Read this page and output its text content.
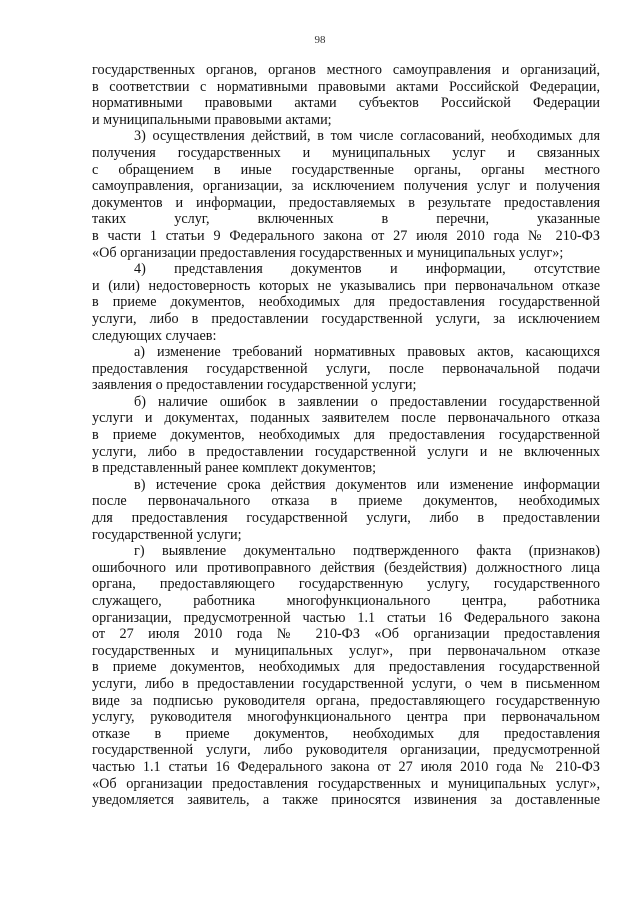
98
государственных органов, органов местного самоуправления и организаций,
в соответствии с нормативными правовыми актами Российской Федерации,
нормативными правовыми актами субъектов Российской Федерации
и муниципальными правовыми актами;
3) осуществления действий, в том числе согласований, необходимых для
получения государственных и муниципальных услуг и связанных
с обращением в иные государственные органы, органы местного
самоуправления, организации, за исключением получения услуг и получения
документов и информации, предоставляемых в результате предоставления
таких услуг, включенных в перечни, указанные
в части 1 статьи 9 Федерального закона от 27 июля 2010 года № 210-ФЗ
«Об организации предоставления государственных и муниципальных услуг»;
4) представления документов и информации, отсутствие
и (или) недостоверность которых не указывались при первоначальном отказе
в приеме документов, необходимых для предоставления государственной
услуги, либо в предоставлении государственной услуги, за исключением
следующих случаев:
а) изменение требований нормативных правовых актов, касающихся
предоставления государственной услуги, после первоначальной подачи
заявления о предоставлении государственной услуги;
б) наличие ошибок в заявлении о предоставлении государственной
услуги и документах, поданных заявителем после первоначального отказа
в приеме документов, необходимых для предоставления государственной
услуги, либо в предоставлении государственной услуги и не включенных
в представленный ранее комплект документов;
в) истечение срока действия документов или изменение информации
после первоначального отказа в приеме документов, необходимых
для предоставления государственной услуги, либо в предоставлении
государственной услуги;
г) выявление документально подтвержденного факта (признаков)
ошибочного или противоправного действия (бездействия) должностного лица
органа, предоставляющего государственную услугу, государственного
служащего, работника многофункционального центра, работника
организации, предусмотренной частью 1.1 статьи 16 Федерального закона
от 27 июля 2010 года № 210-ФЗ «Об организации предоставления
государственных и муниципальных услуг», при первоначальном отказе
в приеме документов, необходимых для предоставления государственной
услуги, либо в предоставлении государственной услуги, о чем в письменном
виде за подписью руководителя органа, предоставляющего государственную
услугу, руководителя многофункционального центра при первоначальном
отказе в приеме документов, необходимых для предоставления
государственной услуги, либо руководителя организации, предусмотренной
частью 1.1 статьи 16 Федерального закона от 27 июля 2010 года № 210-ФЗ
«Об организации предоставления государственных и муниципальных услуг»,
уведомляется заявитель, а также приносятся извинения за доставленные
